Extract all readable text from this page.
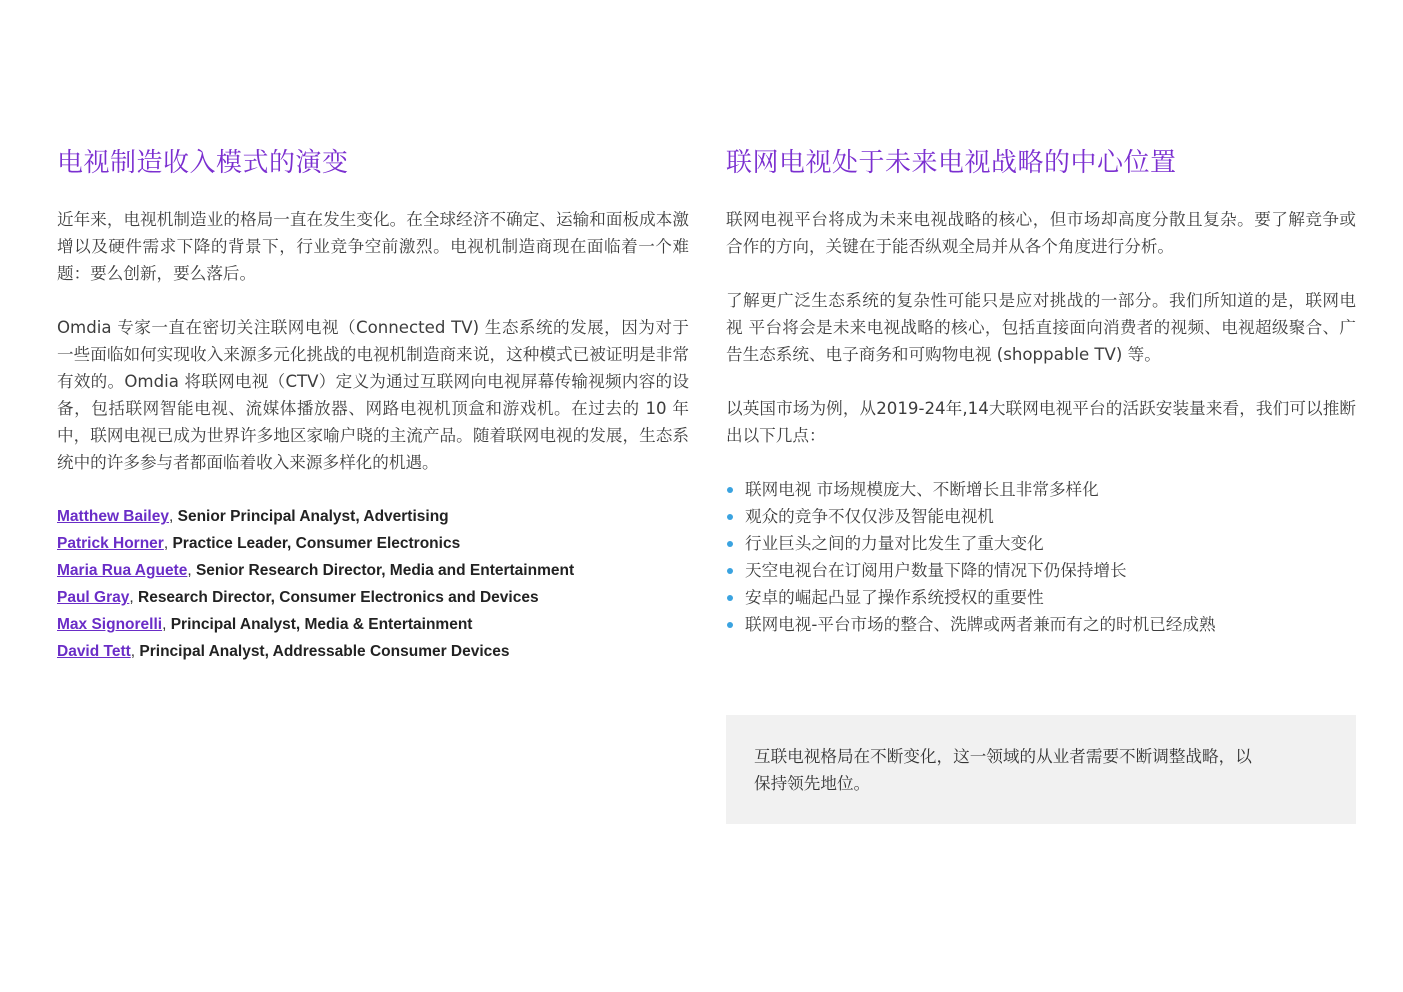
电视制造收入模式的演变

近年来，电视机制造业的格局一直在发生变化。在全球经济不确定、运输和面板成本激增以及硬件需求下降的背景下，行业竞争空前激烈。电视机制造商现在面临着一个难题：要么创新，要么落后。

Omdia 专家一直在密切关注联网电视（Connected TV) 生态系统的发展，因为对于一些面临如何实现收入来源多元化挑战的电视机制造商来说，这种模式已被证明是非常有效的。Omdia 将联网电视（CTV）定义为通过互联网向电视屏幕传输视频内容的设备，包括联网智能电视、流媒体播放器、网路电视机顶盒和游戏机。在过去的 10 年中，联网电视已成为世界许多地区家喻户晓的主流产品。随着联网电视的发展，生态系统中的许多参与者都面临着收入来源多样化的机遇。

Matthew Bailey, Senior Principal Analyst, Advertising
Patrick Horner, Practice Leader, Consumer Electronics
Maria Rua Aguete, Senior Research Director, Media and Entertainment
Paul Gray, Research Director, Consumer Electronics and Devices
Max Signorelli, Principal Analyst, Media & Entertainment
David Tett, Principal Analyst, Addressable Consumer Devices
联网电视处于未来电视战略的中心位置

联网电视平台将成为未来电视战略的核心，但市场却高度分散且复杂。要了解竞争或合作的方向，关键在于能否纵观全局并从各个角度进行分析。

了解更广泛生态系统的复杂性可能只是应对挑战的一部分。我们所知道的是，联网电视 平台将会是未来电视战略的核心，包括直接面向消费者的视频、电视超级聚合、广告生态系统、电子商务和可购物电视 (shoppable TV) 等。

以英国市场为例，从2019-24年,14大联网电视平台的活跃安装量来看，我们可以推断出以下几点：

联网电视 市场规模庞大、不断增长且非常多样化
观众的竞争不仅仅涉及智能电视机
行业巨头之间的力量对比发生了重大变化
天空电视台在订阅用户数量下降的情况下仍保持增长
安卓的崛起凸显了操作系统授权的重要性
联网电视-平台市场的整合、洗牌或两者兼而有之的时机已经成熟
互联电视格局在不断变化，这一领域的从业者需要不断调整战略，以
保持领先地位。
